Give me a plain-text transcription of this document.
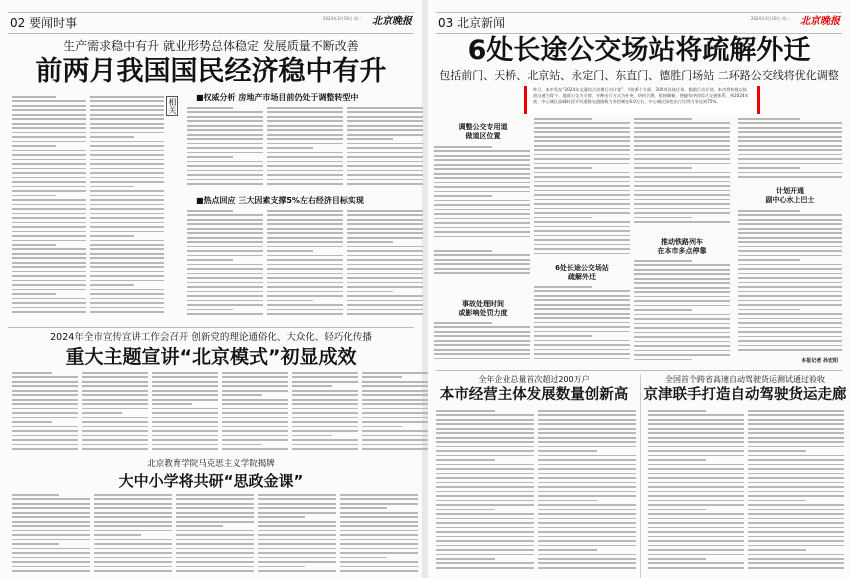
02 要闻时事	2024年3月19日 周二 北京晚报
生产需求稳中有升 就业形势总体稳定 发展质量不断改善
前两月我国国民经济稳中有升
相关
■权威分析 房地产市场目前仍处于调整转型中
■热点回应 三大因素支撑5%左右经济目标实现
2024年全市宣传宣讲工作会召开 创新党的理论通俗化、大众化、轻巧化传播
重大主题宣讲“北京模式”初显成效
北京教育学院马克思主义学院揭牌
大中小学将共研“思政金课”
03 北京新闻	2024年3月19日 周二 北京晚报
6处长途公交场站将疏解外迁
包括前门、天桥、北京站、永定门、东直门、德胜门场站 二环路公交线将优化调整
昨日，本市发布“2024年交通综合治理行动计划”，列出6个方面、200项具体任务。根据行动计划，本市将构建以轨道交通为骨干、地面公交为支撑、多种出行方式为补充、结构合理、衔接顺畅、便捷有序的综合交通体系。到2024年底，中心城区高峰时段平均道路交通指数力争控制在6.0左右，中心城区绿色出行比例力争达到75%。
调整公交专用道
做道区位置
事故处理时间
或影响处罚力度
推动铁路列车
在本市多点停靠
6处长途公交场站
疏解外迁
计划开通
副中心水上巴士
本报记者 孙宏阳
全年企业总量首次超过200万户
本市经营主体发展数量创新高
全国首个跨省高速自动驾驶货运测试通过验收
京津联手打造自动驾驶货运走廊
